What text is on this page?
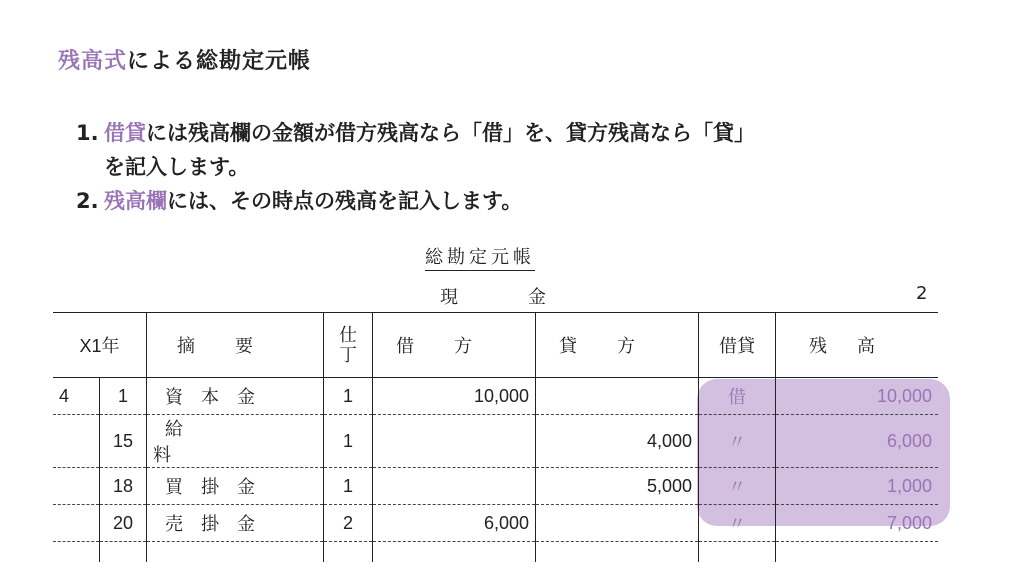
残高式による総勘定元帳
1. 借貸には残高欄の金額が借方残高なら「借」を、貸方残高なら「貸」
を記入します。
2. 残高欄には、その時点の残高を記入します。
総勘定元帳
現金	2
X1年		摘要	仕
丁	借方	貸方	借貸	残高
4	1	資本金	1	10,000		借	10,000
	15	給料	1		4,000	〃	6,000
	18	買掛金	1		5,000	〃	1,000
	20	売掛金	2	6,000		〃	7,000
